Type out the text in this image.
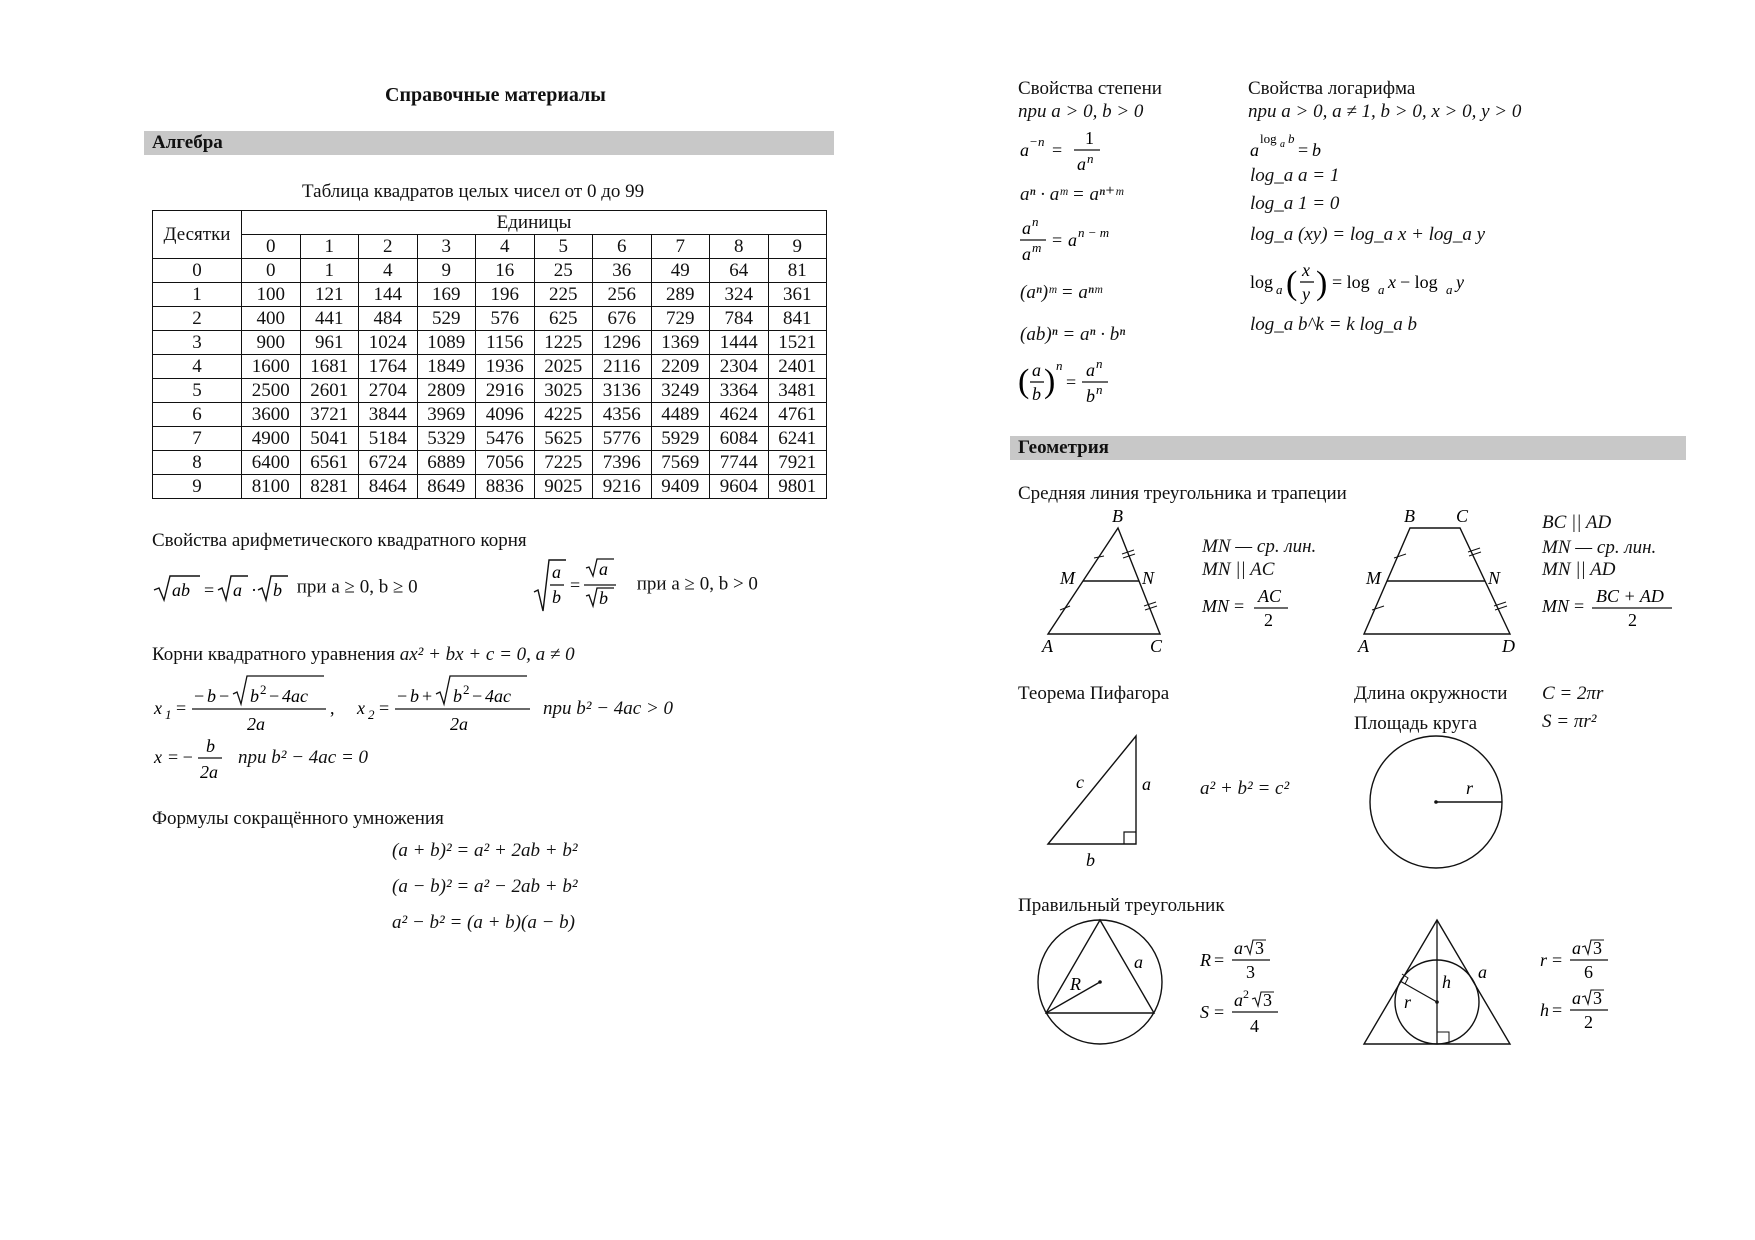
Справочные материалы
Алгебра
Таблица квадратов целых чисел от 0 до 99
Десятки	Единицы									
	0	1	2	3	4	5	6	7	8	9
0	0	1	4	9	16	25	36	49	64	81
1	100	121	144	169	196	225	256	289	324	361
2	400	441	484	529	576	625	676	729	784	841
3	900	961	1024	1089	1156	1225	1296	1369	1444	1521
4	1600	1681	1764	1849	1936	2025	2116	2209	2304	2401
5	2500	2601	2704	2809	2916	3025	3136	3249	3364	3481
6	3600	3721	3844	3969	4096	4225	4356	4489	4624	4761
7	4900	5041	5184	5329	5476	5625	5776	5929	6084	6241
8	6400	6561	6724	6889	7056	7225	7396	7569	7744	7921
9	8100	8281	8464	8649	8836	9025	9216	9409	9604	9801
Свойства арифметического квадратного корня
ab = a · b при a ≥ 0, b ≥ 0
a
b
=
a
b
при a ≥ 0, b > 0
Корни квадратного уравнения ax² + bx + c = 0, a ≠ 0
x 1 =
− b − b 2 − 4ac
2a
, x 2 =
− b + b 2 − 4ac
2a
x = −
b
2a
при b² − 4ac > 0
при b² − 4ac = 0
Формулы сокращённого умножения
(a + b)² = a² + 2ab + b²
(a − b)² = a² − 2ab + b²
a² − b² = (a + b)(a − b)
Свойства степени
при a > 0, b > 0
a − n =
1
a n
aⁿ · aᵐ = aⁿ⁺ᵐ
a n
a m = a n − m
(aⁿ)ᵐ = aⁿᵐ
(ab)ⁿ = aⁿ · bⁿ
( a
b ) n
=
a n
b n
Свойства логарифма
при a > 0, a ≠ 1, b > 0, x > 0, y > 0
a
log a b
= b
log_a a = 1
log_a 1 = 0
log_a (xy) = log_a x + log_a y
log a ( x
y ) = log a x − log a y
log_a b^k = k log_a b
Геометрия
Средняя линия треугольника и трапеции
B
M	N
A	C
MN — ср. лин.
MN || AC
MN = AC
2
B C
M	N
A	D
BC || AD
MN — ср. лин.
MN || AD
MN = BC + AD
2
Теорема Пифагора
c	a
b
a² + b² = c²
Длина окружности C = 2πr
Площадь круга	S = πr²
r
Правильный треугольник
R
a	R =
a 3
3
S =
a 2 3
4
r
h a
r =
a 3
6
h =
a 3
2
